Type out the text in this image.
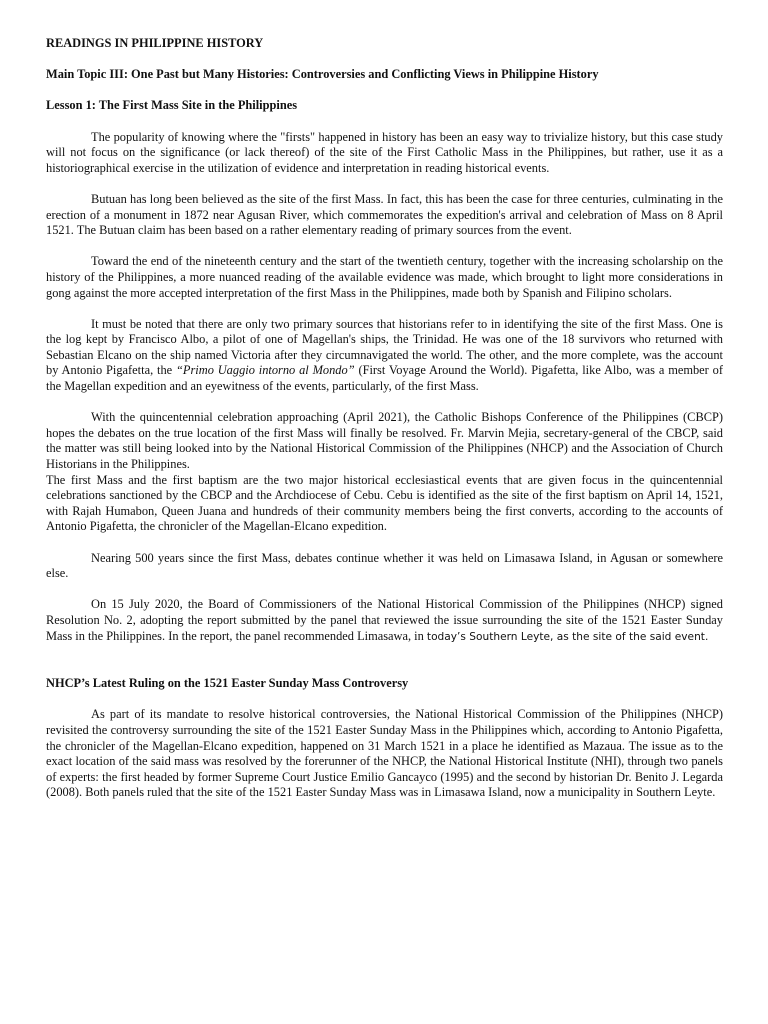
READINGS IN PHILIPPINE HISTORY

Main Topic III: One Past but Many Histories: Controversies and Conflicting Views in Philippine History

Lesson 1: The First Mass Site in the Philippines

The popularity of knowing where the "firsts" happened in history has been an easy way to trivialize history, but this case study will not focus on the significance (or lack thereof) of the site of the First Catholic Mass in the Philippines, but rather, use it as a historiographical exercise in the utilization of evidence and interpretation in reading historical events.

Butuan has long been believed as the site of the first Mass. In fact, this has been the case for three centuries, culminating in the erection of a monument in 1872 near Agusan River, which commemorates the expedition's arrival and celebration of Mass on 8 April 1521. The Butuan claim has been based on a rather elementary reading of primary sources from the event.

Toward the end of the nineteenth century and the start of the twentieth century, together with the increasing scholarship on the history of the Philippines, a more nuanced reading of the available evidence was made, which brought to light more considerations in gong against the more accepted interpretation of the first Mass in the Philippines, made both by Spanish and Filipino scholars.

It must be noted that there are only two primary sources that historians refer to in identifying the site of the first Mass. One is the log kept by Francisco Albo, a pilot of one of Magellan's ships, the Trinidad. He was one of the 18 survivors who returned with Sebastian Elcano on the ship named Victoria after they circumnavigated the world. The other, and the more complete, was the account by Antonio Pigafetta, the “Primo Uaggio intorno al Mondo” (First Voyage Around the World). Pigafetta, like Albo, was a member of the Magellan expedition and an eyewitness of the events, particularly, of the first Mass.

With the quincentennial celebration approaching (April 2021), the Catholic Bishops Conference of the Philippines (CBCP) hopes the debates on the true location of the first Mass will finally be resolved. Fr. Marvin Mejia, secretary-general of the CBCP, said the matter was still being looked into by the National Historical Commission of the Philippines (NHCP) and the Association of Church Historians in the Philippines.

The first Mass and the first baptism are the two major historical ecclesiastical events that are given focus in the quincentennial celebrations sanctioned by the CBCP and the Archdiocese of Cebu. Cebu is identified as the site of the first baptism on April 14, 1521, with Rajah Humabon, Queen Juana and hundreds of their community members being the first converts, according to the accounts of Antonio Pigafetta, the chronicler of the Magellan-Elcano expedition.

Nearing 500 years since the first Mass, debates continue whether it was held on Limasawa Island, in Agusan or somewhere else.

On 15 July 2020, the Board of Commissioners of the National Historical Commission of the Philippines (NHCP) signed Resolution No. 2, adopting the report submitted by the panel that reviewed the issue surrounding the site of the 1521 Easter Sunday Mass in the Philippines. In the report, the panel recommended Limasawa, in today’s Southern Leyte, as the site of the said event.

NHCP’s Latest Ruling on the 1521 Easter Sunday Mass Controversy

As part of its mandate to resolve historical controversies, the National Historical Commission of the Philippines (NHCP) revisited the controversy surrounding the site of the 1521 Easter Sunday Mass in the Philippines which, according to Antonio Pigafetta, the chronicler of the Magellan-Elcano expedition, happened on 31 March 1521 in a place he identified as Mazaua. The issue as to the exact location of the said mass was resolved by the forerunner of the NHCP, the National Historical Institute (NHI), through two panels of experts: the first headed by former Supreme Court Justice Emilio Gancayco (1995) and the second by historian Dr. Benito J. Legarda (2008). Both panels ruled that the site of the 1521 Easter Sunday Mass was in Limasawa Island, now a municipality in Southern Leyte.
